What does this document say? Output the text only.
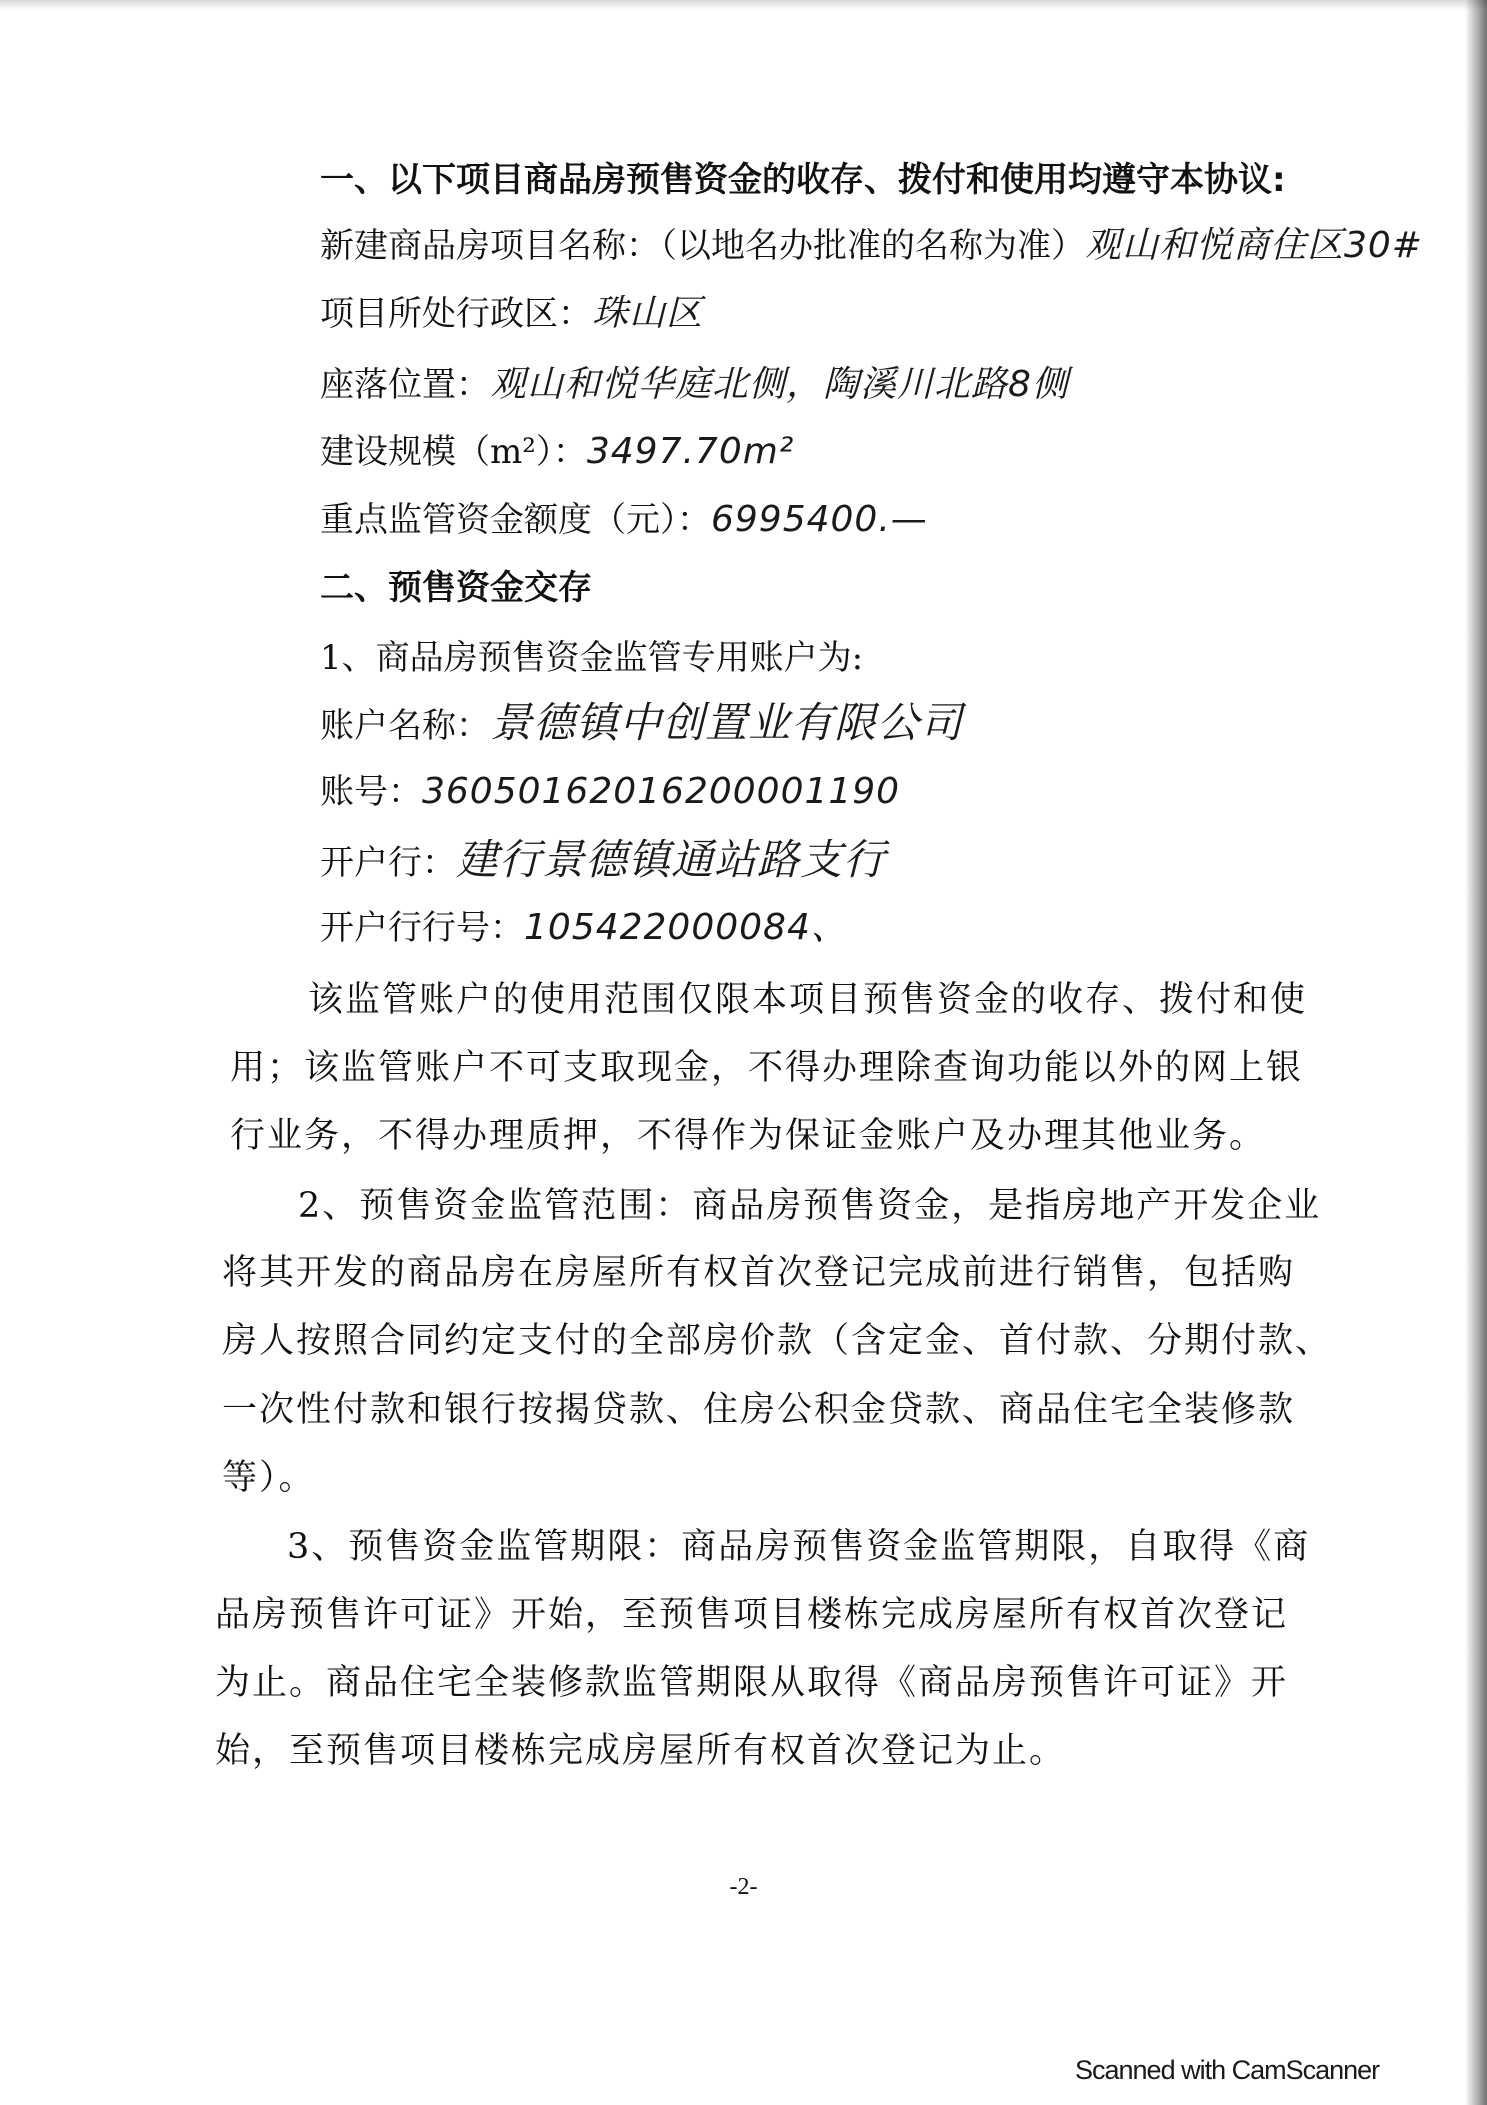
一、以下项目商品房预售资金的收存、拨付和使用均遵守本协议:
新建商品房项目名称：（以地名办批准的名称为准）观山和悦商住区30#
项目所处行政区：珠山区
座落位置：观山和悦华庭北侧，陶溪川北路8侧
建设规模（m²）：3497.70m²
重点监管资金额度（元）：6995400.—
二、预售资金交存
1、商品房预售资金监管专用账户为:
账户名称：景德镇中创置业有限公司
账号：36050162016200001190
开户行：建行景德镇通站路支行
开户行行号：105422000084、
该监管账户的使用范围仅限本项目预售资金的收存、拨付和使
用；该监管账户不可支取现金，不得办理除查询功能以外的网上银
行业务，不得办理质押，不得作为保证金账户及办理其他业务。
2、预售资金监管范围：商品房预售资金，是指房地产开发企业
将其开发的商品房在房屋所有权首次登记完成前进行销售，包括购
房人按照合同约定支付的全部房价款（含定金、首付款、分期付款、
一次性付款和银行按揭贷款、住房公积金贷款、商品住宅全装修款
等）。
3、预售资金监管期限：商品房预售资金监管期限，自取得《商
品房预售许可证》开始，至预售项目楼栋完成房屋所有权首次登记
为止。商品住宅全装修款监管期限从取得《商品房预售许可证》开
始，至预售项目楼栋完成房屋所有权首次登记为止。
-2-
Scanned with CamScanner
